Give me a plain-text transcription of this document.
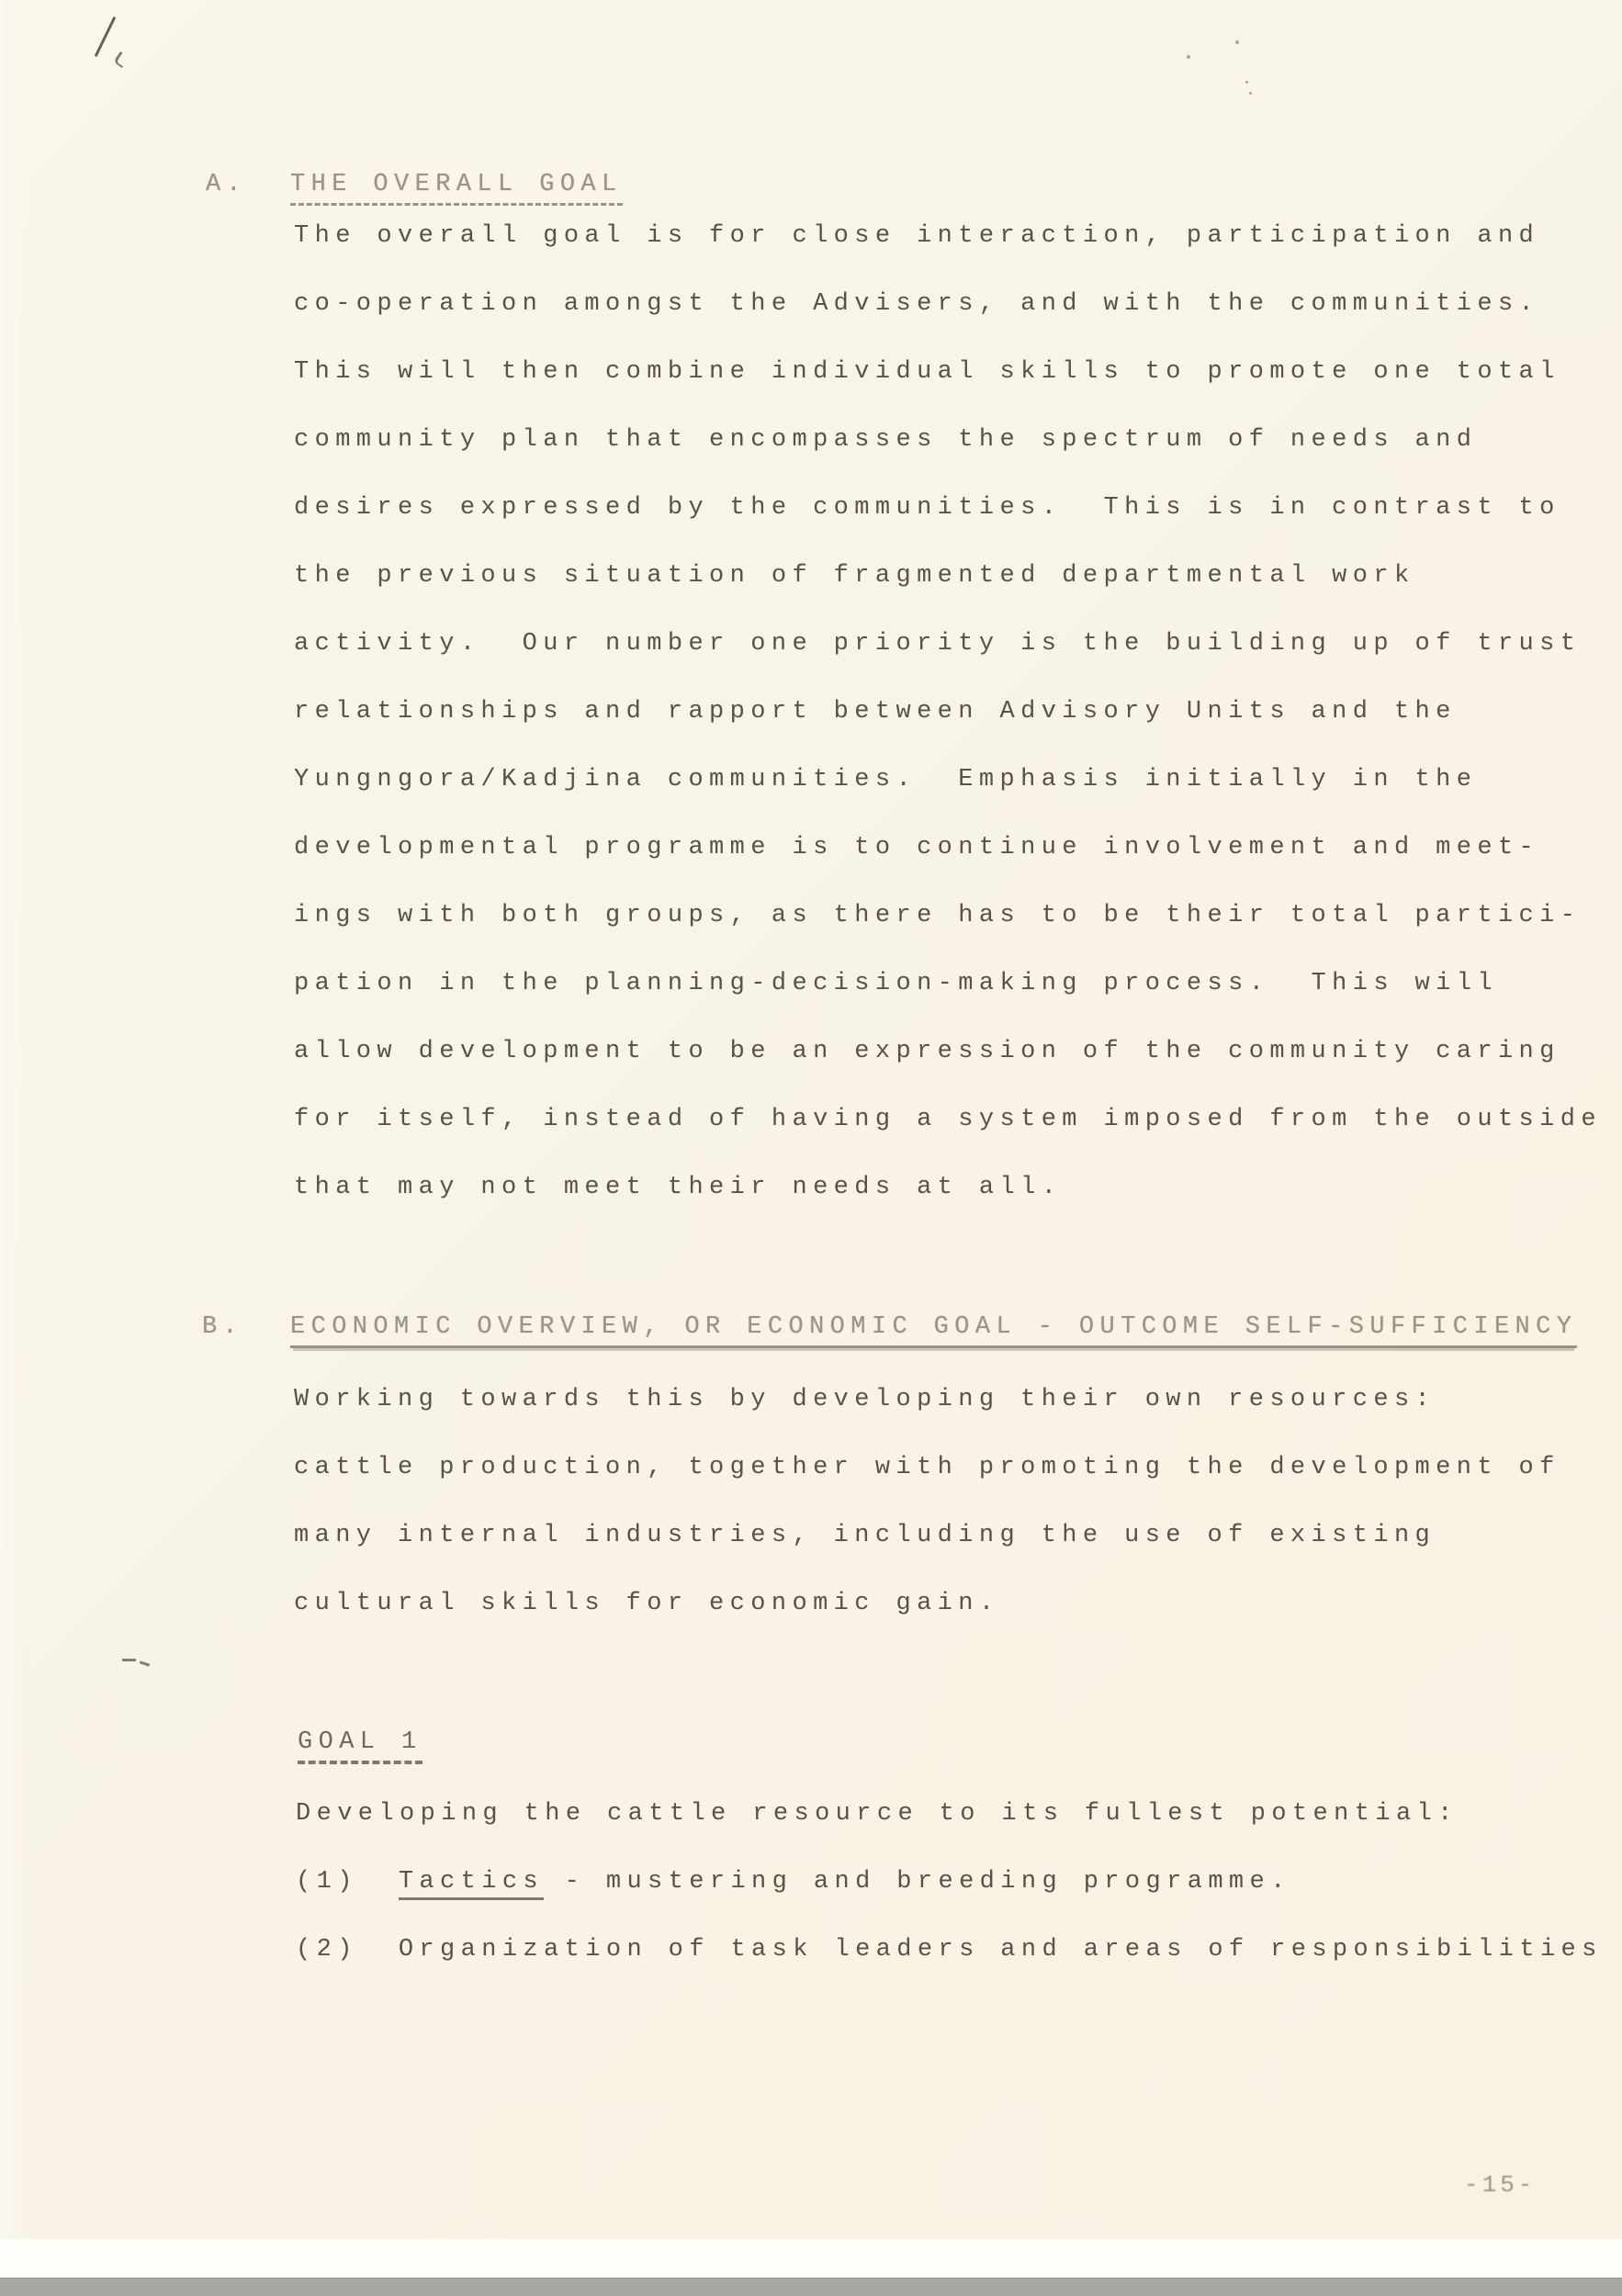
A. THE OVERALL GOAL
The overall goal is for close interaction, participation and
co-operation amongst the Advisers, and with the communities.
This will then combine individual skills to promote one total
community plan that encompasses the spectrum of needs and
desires expressed by the communities.  This is in contrast to
the previous situation of fragmented departmental work
activity.  Our number one priority is the building up of trust
relationships and rapport between Advisory Units and the
Yungngora/Kadjina communities.  Emphasis initially in the
developmental programme is to continue involvement and meet-
ings with both groups, as there has to be their total partici-
pation in the planning-decision-making process.  This will
allow development to be an expression of the community caring
for itself, instead of having a system imposed from the outside
that may not meet their needs at all.
B. ECONOMIC OVERVIEW, OR ECONOMIC GOAL - OUTCOME SELF-SUFFICIENCY
Working towards this by developing their own resources:
cattle production, together with promoting the development of
many internal industries, including the use of existing
cultural skills for economic gain.
GOAL 1
Developing the cattle resource to its fullest potential:
(1) Tactics - mustering and breeding programme.
(2) Organization of task leaders and areas of responsibilities
-15-
